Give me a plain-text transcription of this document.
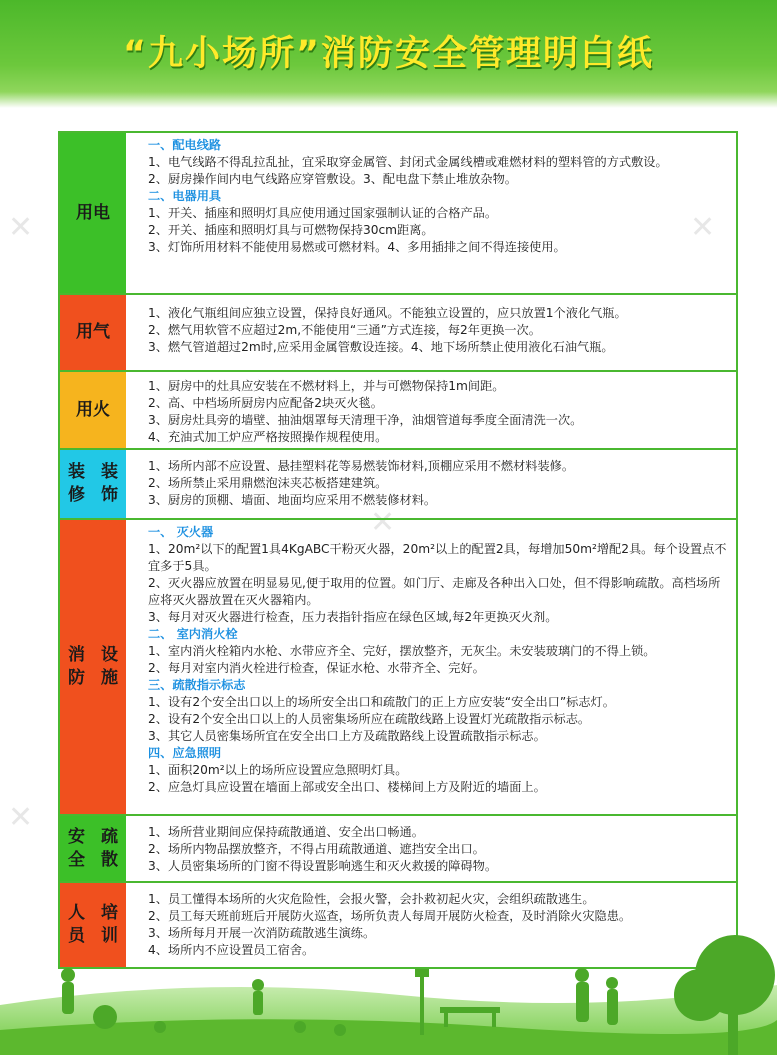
“九小场所”消防安全管理明白纸
✕	✕
✕
✕
用电
一、配电线路
1、电气线路不得乱拉乱扯，宜采取穿金属管、封闭式金属线槽或难燃材料的塑料管的方式敷设。
2、厨房操作间内电气线路应穿管敷设。3、配电盘下禁止堆放杂物。
二、电器用具
1、开关、插座和照明灯具应使用通过国家强制认证的合格产品。
2、开关、插座和照明灯具与可燃物保持30cm距离。
3、灯饰所用材料不能使用易燃或可燃材料。4、多用插排之间不得连接使用。
用气
1、液化气瓶组间应独立设置，保持良好通风。不能独立设置的，应只放置1个液化气瓶。
2、燃气用软管不应超过2m,不能使用“三通”方式连接，每2年更换一次。
3、燃气管道超过2m时,应采用金属管敷设连接。4、地下场所禁止使用液化石油气瓶。
用火
1、厨房中的灶具应安装在不燃材料上，并与可燃物保持1m间距。
2、高、中档场所厨房内应配备2块灭火毯。
3、厨房灶具旁的墙壁、抽油烟罩每天清理干净，油烟管道每季度全面清洗一次。
4、充油式加工炉应严格按照操作规程使用。
装修
装饰
1、场所内部不应设置、悬挂塑料花等易燃装饰材料,顶棚应采用不燃材料装修。
2、场所禁止采用鼎燃泡沫夹芯板搭建建筑。
3、厨房的顶棚、墙面、地面均应采用不燃装修材料。
消防
设施
一、 灭火器
1、20m²以下的配置1具4KgABC干粉灭火器，20m²以上的配置2具，每增加50m²增配2具。每个设置点不宜多于5具。
2、灭火器应放置在明显易见,便于取用的位置。如门厅、走廊及各种出入口处，但不得影响疏散。高档场所应将灭火器放置在灭火器箱内。
3、每月对灭火器进行检查，压力表指针指应在绿色区域,每2年更换灭火剂。
二、 室内消火栓
1、室内消火栓箱内水枪、水带应齐全、完好，摆放整齐，无灰尘。未安装玻璃门的不得上锁。
2、每月对室内消火栓进行检查，保证水枪、水带齐全、完好。
三、疏散指示标志
1、设有2个安全出口以上的场所安全出口和疏散门的正上方应安装“安全出口”标志灯。
2、设有2个安全出口以上的人员密集场所应在疏散线路上设置灯光疏散指示标志。
3、其它人员密集场所宜在安全出口上方及疏散路线上设置疏散指示标志。
四、应急照明
1、面积20m²以上的场所应设置应急照明灯具。
2、应急灯具应设置在墙面上部或安全出口、楼梯间上方及附近的墙面上。
安全
疏散
1、场所营业期间应保持疏散通道、安全出口畅通。
2、场所内物品摆放整齐，不得占用疏散通道、遮挡安全出口。
3、人员密集场所的门窗不得设置影响逃生和灭火救援的障碍物。
人员
培训
1、员工懂得本场所的火灾危险性，会报火警，会扑救初起火灾，会组织疏散逃生。
2、员工每天班前班后开展防火巡查，场所负责人每周开展防火检查，及时消除火灾隐患。
3、场所每月开展一次消防疏散逃生演练。
4、场所内不应设置员工宿舍。
